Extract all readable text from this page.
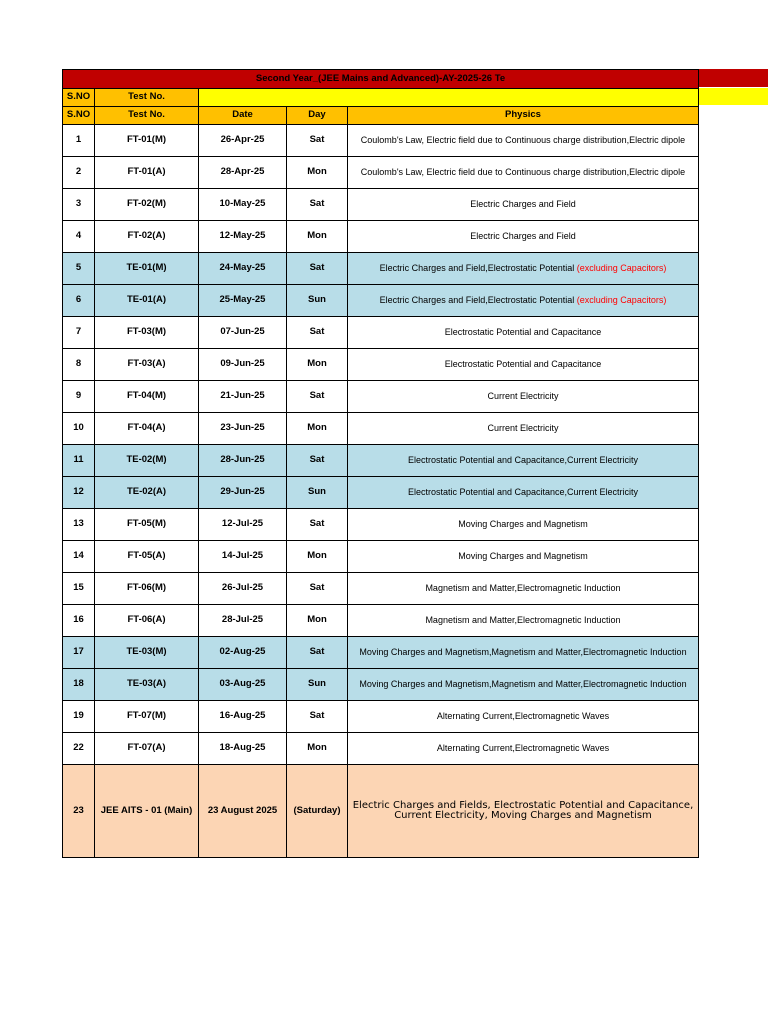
Second Year_(JEE Mains and Advanced)-AY-2025-26 Te				
S.NO	Test No.			
S.NO	Test No.	Date	Day	Physics
1	FT-01(M)	26-Apr-25	Sat	Coulomb's Law, Electric field due to Continuous charge distribution,Electric dipole
2	FT-01(A)	28-Apr-25	Mon	Coulomb's Law, Electric field due to Continuous charge distribution,Electric dipole
3	FT-02(M)	10-May-25	Sat	Electric Charges and Field
4	FT-02(A)	12-May-25	Mon	Electric Charges and Field
5	TE-01(M)	24-May-25	Sat	Electric Charges and Field,Electrostatic Potential (excluding Capacitors)
6	TE-01(A)	25-May-25	Sun	Electric Charges and Field,Electrostatic Potential (excluding Capacitors)
7	FT-03(M)	07-Jun-25	Sat	Electrostatic Potential and Capacitance
8	FT-03(A)	09-Jun-25	Mon	Electrostatic Potential and Capacitance
9	FT-04(M)	21-Jun-25	Sat	Current Electricity
10	FT-04(A)	23-Jun-25	Mon	Current Electricity
11	TE-02(M)	28-Jun-25	Sat	Electrostatic Potential and Capacitance,Current Electricity
12	TE-02(A)	29-Jun-25	Sun	Electrostatic Potential and Capacitance,Current Electricity
13	FT-05(M)	12-Jul-25	Sat	Moving Charges and Magnetism
14	FT-05(A)	14-Jul-25	Mon	Moving Charges and Magnetism
15	FT-06(M)	26-Jul-25	Sat	Magnetism and Matter,Electromagnetic Induction
16	FT-06(A)	28-Jul-25	Mon	Magnetism and Matter,Electromagnetic Induction
17	TE-03(M)	02-Aug-25	Sat	Moving Charges and Magnetism,Magnetism and Matter,Electromagnetic Induction
18	TE-03(A)	03-Aug-25	Sun	Moving Charges and Magnetism,Magnetism and Matter,Electromagnetic Induction
19	FT-07(M)	16-Aug-25	Sat	Alternating Current,Electromagnetic Waves
22	FT-07(A)	18-Aug-25	Mon	Alternating Current,Electromagnetic Waves
23	JEE AITS - 01 (Main)	23 August 2025	(Saturday)	Electric Charges and Fields, Electrostatic Potential and Capacitance, Current Electricity, Moving Charges and Magnetism
